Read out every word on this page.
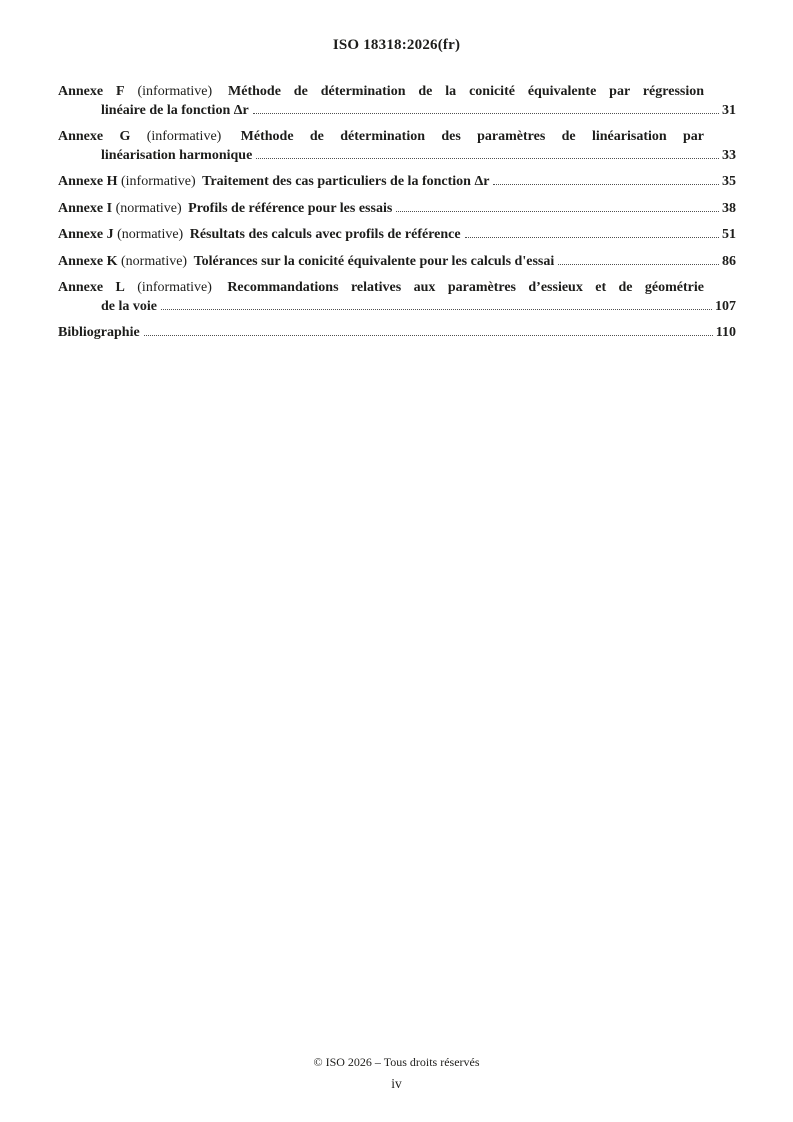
ISO 18318:2026(fr)
Annexe F (informative) Méthode de détermination de la conicité équivalente par régression
linéaire de la fonction Δr	31
Annexe G (informative) Méthode de détermination des paramètres de linéarisation par
linéarisation harmonique	33
Annexe H (informative) Traitement des cas particuliers de la fonction Δr	35
Annexe I (normative) Profils de référence pour les essais	38
Annexe J (normative) Résultats des calculs avec profils de référence	51
Annexe K (normative) Tolérances sur la conicité équivalente pour les calculs d'essai	86
Annexe L (informative) Recommandations relatives aux paramètres d’essieux et de géométrie
de la voie	107
Bibliographie	110
© ISO 2026 – Tous droits réservés
iv
